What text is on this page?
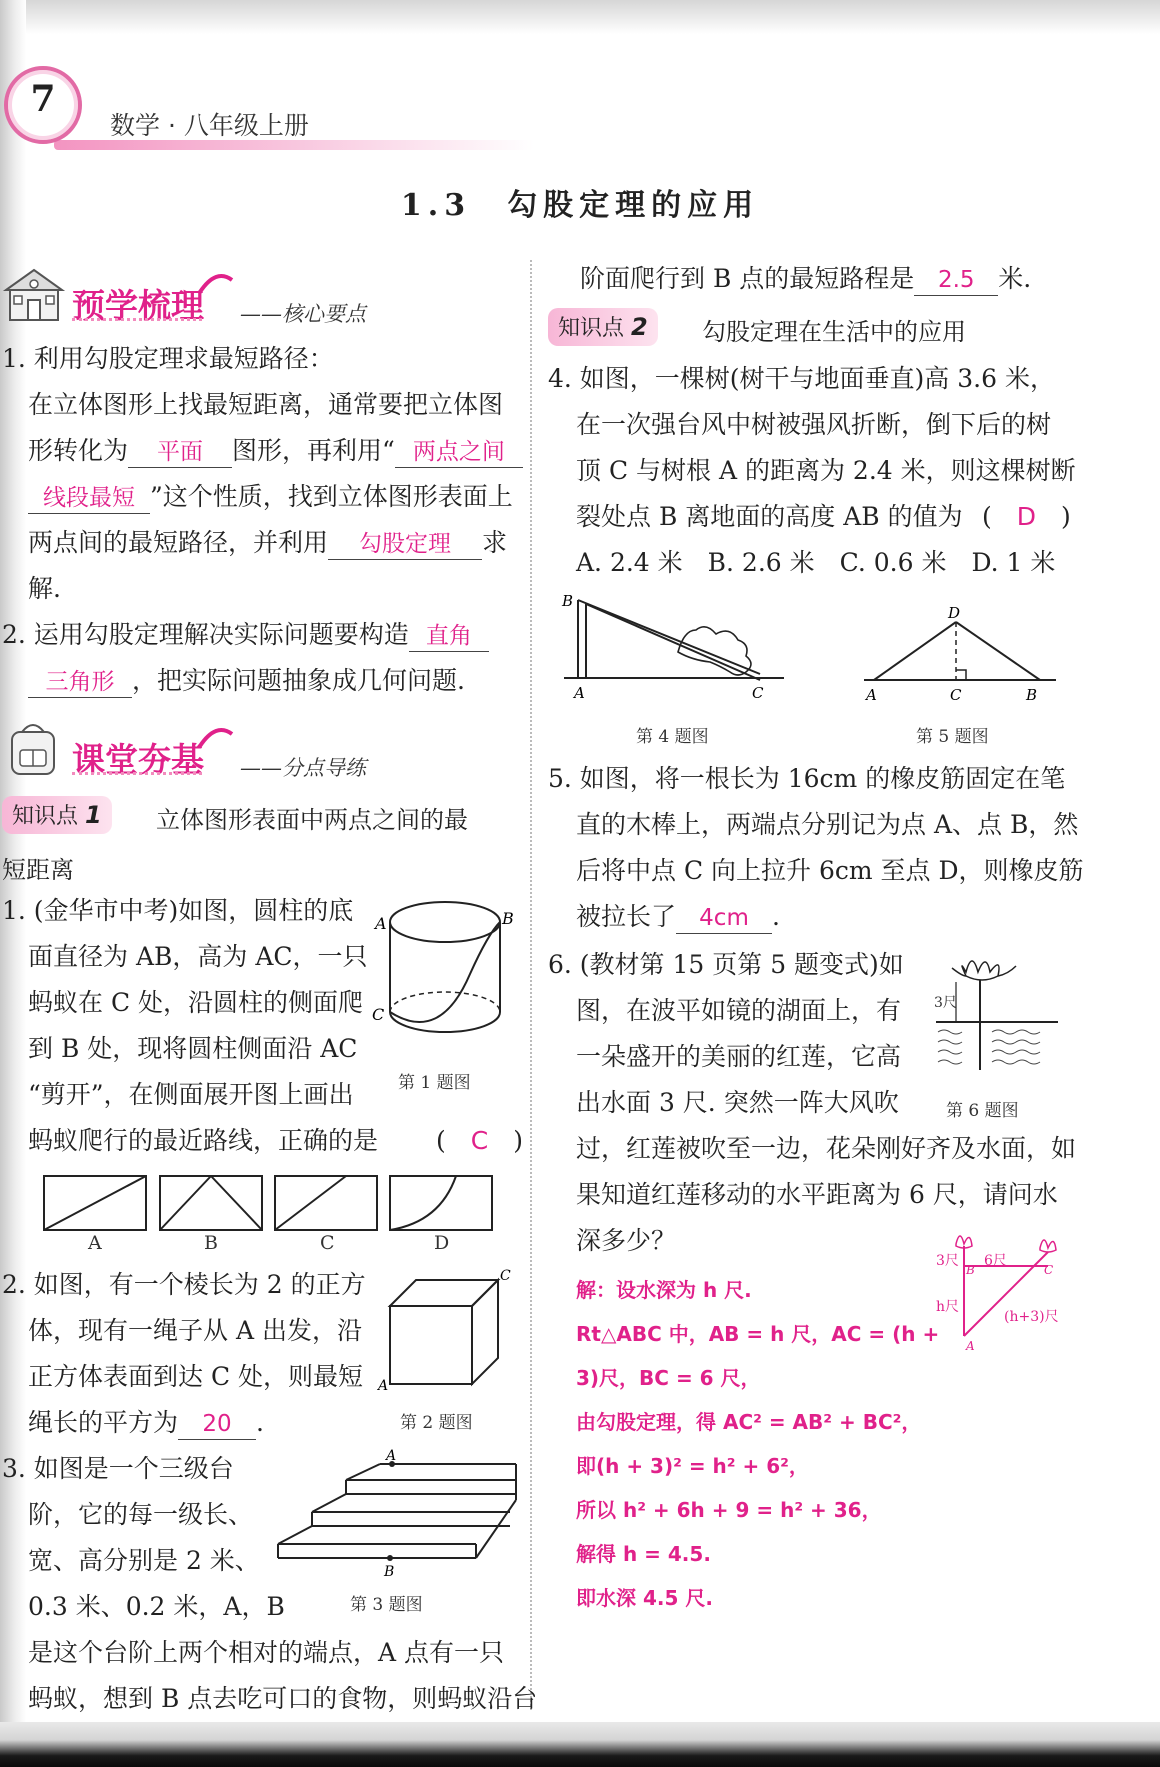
7
数学 · 八年级上册
1.3　勾股定理的应用
预学梳理 ——核心要点
1. 利用勾股定理求最短路径：
在立体图形上找最短距离，通常要把立体图
形转化为 平面 图形，再利用“ 两点之间
线段最短 ”这个性质，找到立体图形表面上
两点间的最短路径，并利用 勾股定理 求
解.
2. 运用勾股定理解决实际问题要构造 直角
三角形 ，把实际问题抽象成几何问题.
课堂夯基 ——分点导练
知识点 1	立体图形表面中两点之间的最
短距离
1. (金华市中考)如图，圆柱的底
面直径为 AB，高为 AC，一只
蚂蚁在 C 处，沿圆柱的侧面爬
到 B 处，现将圆柱侧面沿 AC
“剪开”，在侧面展开图上画出
蚂蚁爬行的最近路线，正确的是 (　C　)
A	B
C
第 1 题图
A	B	C	D
2. 如图，有一个棱长为 2 的正方
体，现有一绳子从 A 出发，沿
正方体表面到达 C 处，则最短
绳长的平方为 20 .
A
C
第 2 题图
3. 如图是一个三级台
阶，它的每一级长、
宽、高分别是 2 米、
0.3 米、0.2 米，A，B
是这个台阶上两个相对的端点，A 点有一只
蚂蚁，想到 B 点去吃可口的食物，则蚂蚁沿台
A
B
第 3 题图
阶面爬行到 B 点的最短路程是 2.5 米.
知识点 2	勾股定理在生活中的应用
4. 如图，一棵树(树干与地面垂直)高 3.6 米，
在一次强台风中树被强风折断，倒下后的树
顶 C 与树根 A 的距离为 2.4 米，则这棵树断
裂处点 B 离地面的高度 AB 的值为 (　D　)
A. 2.4 米　B. 2.6 米　C. 0.6 米　D. 1 米
B
A	C
第 4 题图
D
A	C	B
第 5 题图
5. 如图，将一根长为 16cm 的橡皮筋固定在笔
直的木棒上，两端点分别记为点 A、点 B，然
后将中点 C 向上拉升 6cm 至点 D，则橡皮筋
被拉长了 4cm .
6. (教材第 15 页第 5 题变式)如
图，在波平如镜的湖面上，有
一朵盛开的美丽的红莲，它高
出水面 3 尺. 突然一阵大风吹
过，红莲被吹至一边，花朵刚好齐及水面，如
果知道红莲移动的水平距离为 6 尺，请问水
深多少？
第 6 题图
3尺
B	C
A
3尺 6尺
h尺
(h+3)尺
解：设水深为 h 尺.
Rt△ABC 中，AB = h 尺，AC = (h +
3)尺，BC = 6 尺，
由勾股定理，得 AC² = AB² + BC²，
即(h + 3)² = h² + 6²，
所以 h² + 6h + 9 = h² + 36，
解得 h = 4.5.
即水深 4.5 尺.
